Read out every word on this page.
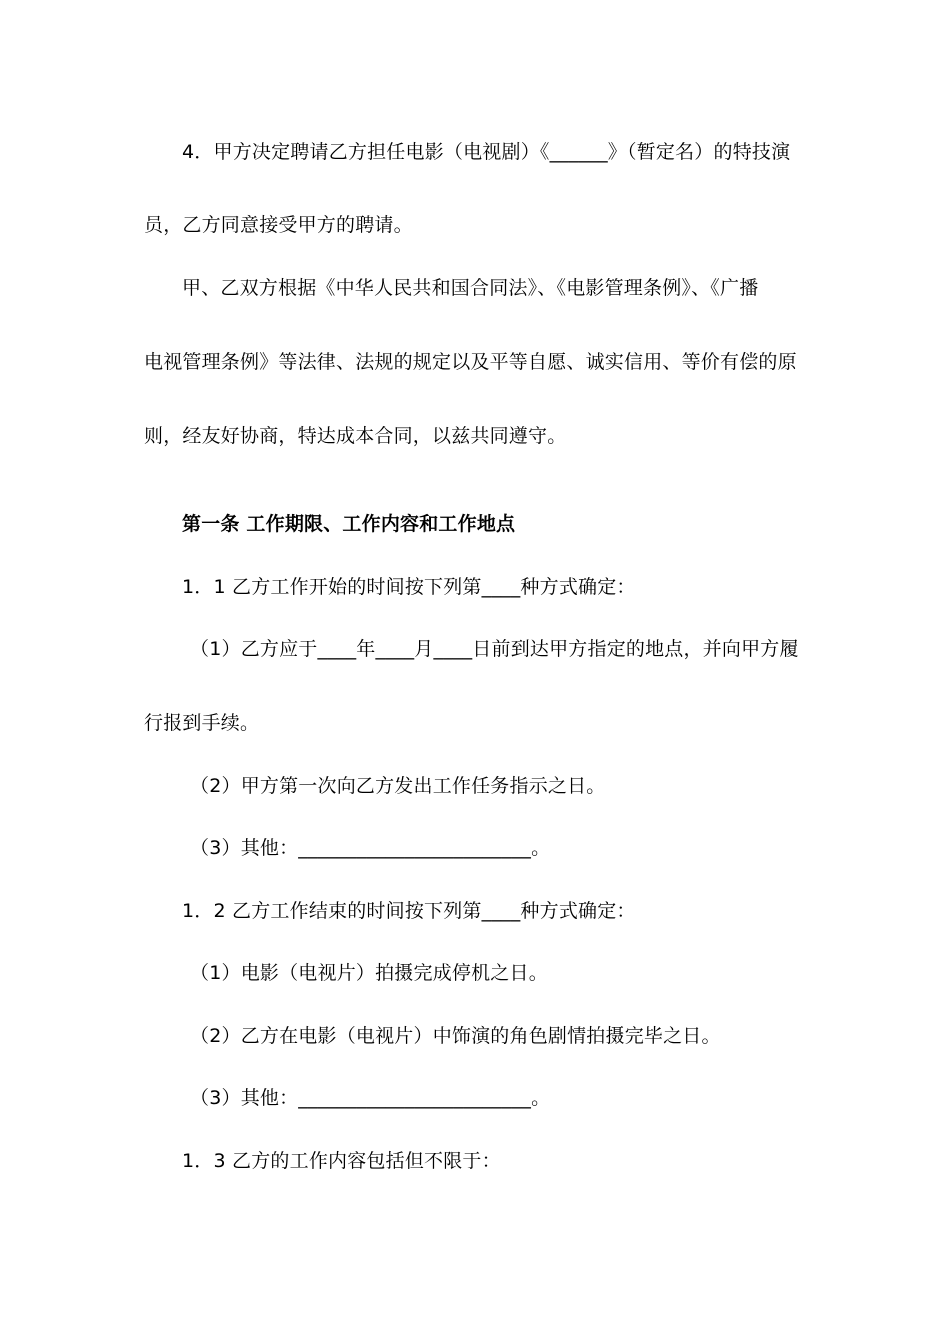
4．甲方决定聘请乙方担任电影（电视剧）《______》（暂定名）的特技演
员，乙方同意接受甲方的聘请。
甲、乙双方根据《中华人民共和国合同法》、《电影管理条例》、《广播
电视管理条例》等法律、法规的规定以及平等自愿、诚实信用、等价有偿的原
则，经友好协商，特达成本合同，以兹共同遵守。
第一条 工作期限、工作内容和工作地点
1．1 乙方工作开始的时间按下列第____种方式确定：
（1）乙方应于____年____月____日前到达甲方指定的地点，并向甲方履
行报到手续。
（2）甲方第一次向乙方发出工作任务指示之日。
（3）其他：________________________。
1．2 乙方工作结束的时间按下列第____种方式确定：
（1）电影（电视片）拍摄完成停机之日。
（2）乙方在电影（电视片）中饰演的角色剧情拍摄完毕之日。
（3）其他：________________________。
1．3 乙方的工作内容包括但不限于：
